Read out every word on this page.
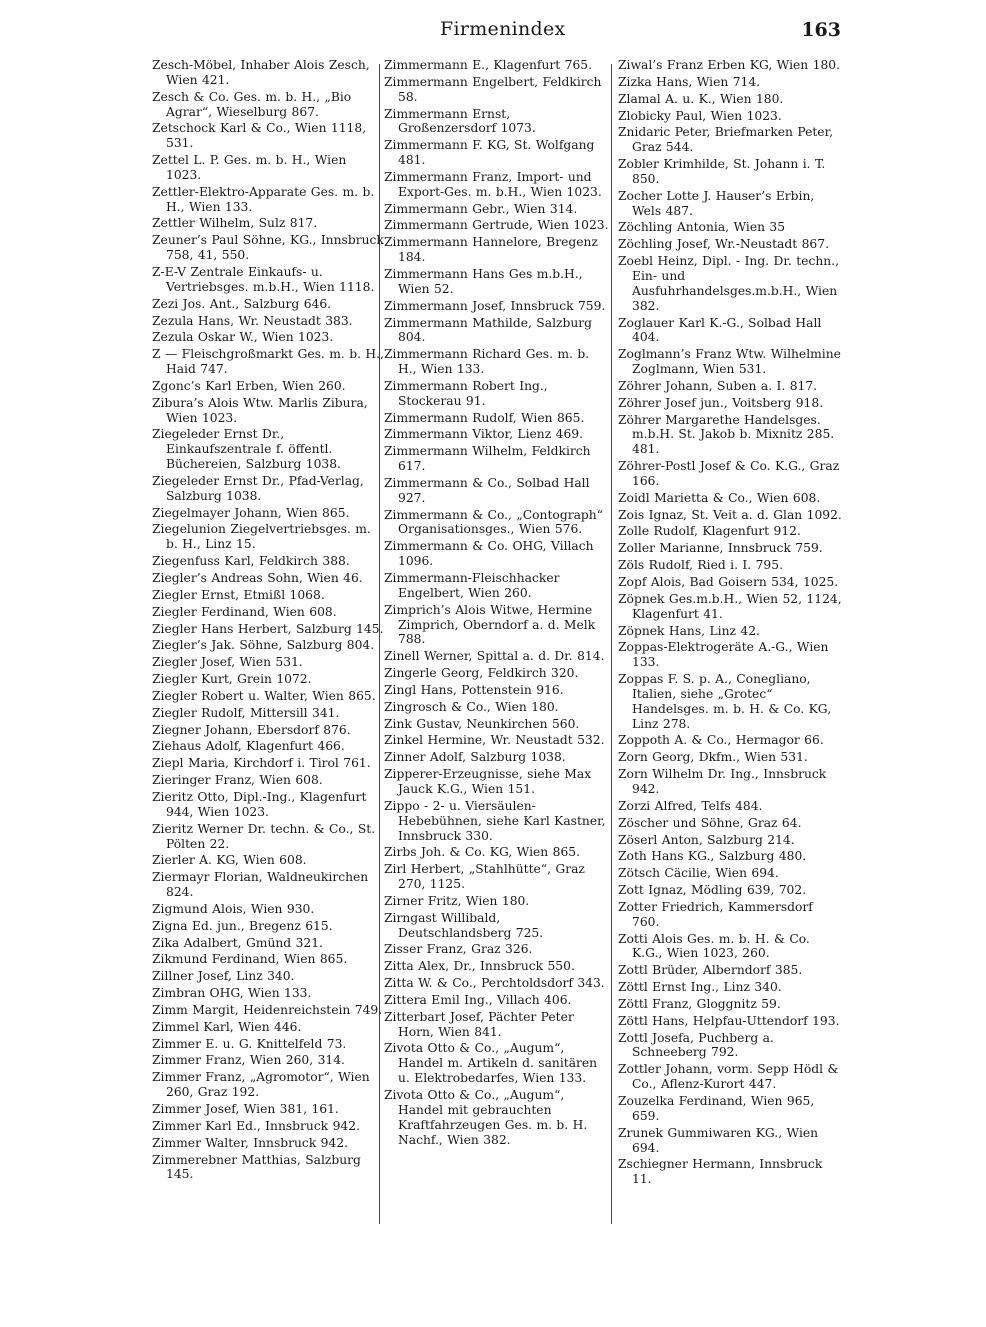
Firmenindex	163
Zesch-Möbel, Inhaber Alois Zesch, Wien 421.
Zesch & Co. Ges. m. b. H., „Bio Agrar“, Wieselburg 867.
Zetschock Karl & Co., Wien 1118, 531.
Zettel L. P. Ges. m. b. H., Wien 1023.
Zettler-Elektro-Apparate Ges. m. b. H., Wien 133.
Zettler Wilhelm, Sulz 817.
Zeuner’s Paul Söhne, KG., Innsbruck 758, 41, 550.
Z-E-V Zentrale Einkaufs- u. Vertriebsges. m.b.H., Wien 1118.
Zezi Jos. Ant., Salzburg 646.
Zezula Hans, Wr. Neustadt 383.
Zezula Oskar W., Wien 1023.
Z — Fleischgroßmarkt Ges. m. b. H., Haid 747.
Zgonc’s Karl Erben, Wien 260.
Zibura’s Alois Wtw. Marlis Zibura, Wien 1023.
Ziegeleder Ernst Dr., Einkaufszentrale f. öffentl. Büchereien, Salzburg 1038.
Ziegeleder Ernst Dr., Pfad-Verlag, Salzburg 1038.
Ziegelmayer Johann, Wien 865.
Ziegelunion Ziegelvertriebsges. m. b. H., Linz 15.
Ziegenfuss Karl, Feldkirch 388.
Ziegler’s Andreas Sohn, Wien 46.
Ziegler Ernst, Etmißl 1068.
Ziegler Ferdinand, Wien 608.
Ziegler Hans Herbert, Salzburg 145.
Ziegler’s Jak. Söhne, Salzburg 804.
Ziegler Josef, Wien 531.
Ziegler Kurt, Grein 1072.
Ziegler Robert u. Walter, Wien 865.
Ziegler Rudolf, Mittersill 341.
Ziegner Johann, Ebersdorf 876.
Ziehaus Adolf, Klagenfurt 466.
Ziepl Maria, Kirchdorf i. Tirol 761.
Zieringer Franz, Wien 608.
Zieritz Otto, Dipl.-Ing., Klagenfurt 944, Wien 1023.
Zieritz Werner Dr. techn. & Co., St. Pölten 22.
Zierler A. KG, Wien 608.
Ziermayr Florian, Waldneukirchen 824.
Zigmund Alois, Wien 930.
Zigna Ed. jun., Bregenz 615.
Zika Adalbert, Gmünd 321.
Zikmund Ferdinand, Wien 865.
Zillner Josef, Linz 340.
Zimbran OHG, Wien 133.
Zimm Margit, Heidenreichstein 749.
Zimmel Karl, Wien 446.
Zimmer E. u. G. Knittelfeld 73.
Zimmer Franz, Wien 260, 314.
Zimmer Franz, „Agromotor“, Wien 260, Graz 192.
Zimmer Josef, Wien 381, 161.
Zimmer Karl Ed., Innsbruck 942.
Zimmer Walter, Innsbruck 942.
Zimmerebner Matthias, Salzburg 145.
Zimmermann E., Klagenfurt 765.
Zimmermann Engelbert, Feldkirch 58.
Zimmermann Ernst, Großenzersdorf 1073.
Zimmermann F. KG, St. Wolfgang 481.
Zimmermann Franz, Import- und Export-Ges. m. b.H., Wien 1023.
Zimmermann Gebr., Wien 314.
Zimmermann Gertrude, Wien 1023.
Zimmermann Hannelore, Bregenz 184.
Zimmermann Hans Ges m.b.H., Wien 52.
Zimmermann Josef, Innsbruck 759.
Zimmermann Mathilde, Salzburg 804.
Zimmermann Richard Ges. m. b. H., Wien 133.
Zimmermann Robert Ing., Stockerau 91.
Zimmermann Rudolf, Wien 865.
Zimmermann Viktor, Lienz 469.
Zimmermann Wilhelm, Feldkirch 617.
Zimmermann & Co., Solbad Hall 927.
Zimmermann & Co., „Contograph“ Organisationsges., Wien 576.
Zimmermann & Co. OHG, Villach 1096.
Zimmermann-Fleischhacker Engelbert, Wien 260.
Zimprich’s Alois Witwe, Hermine Zimprich, Oberndorf a. d. Melk 788.
Zinell Werner, Spittal a. d. Dr. 814.
Zingerle Georg, Feldkirch 320.
Zingl Hans, Pottenstein 916.
Zingrosch & Co., Wien 180.
Zink Gustav, Neunkirchen 560.
Zinkel Hermine, Wr. Neustadt 532.
Zinner Adolf, Salzburg 1038.
Zipperer-Erzeugnisse, siehe Max Jauck K.G., Wien 151.
Zippo - 2- u. Viersäulen-Hebebühnen, siehe Karl Kastner, Innsbruck 330.
Zirbs Joh. & Co. KG, Wien 865.
Zirl Herbert, „Stahlhütte“, Graz 270, 1125.
Zirner Fritz, Wien 180.
Zirngast Willibald, Deutschlandsberg 725.
Zisser Franz, Graz 326.
Zitta Alex, Dr., Innsbruck 550.
Zitta W. & Co., Perchtoldsdorf 343.
Zittera Emil Ing., Villach 406.
Zitterbart Josef, Pächter Peter Horn, Wien 841.
Zivota Otto & Co., „Augum“, Handel m. Artikeln d. sanitären u. Elektrobedarfes, Wien 133.
Zivota Otto & Co., „Augum“, Handel mit gebrauchten Kraftfahrzeugen Ges. m. b. H. Nachf., Wien 382.
Ziwal’s Franz Erben KG, Wien 180.
Zizka Hans, Wien 714.
Zlamal A. u. K., Wien 180.
Zlobicky Paul, Wien 1023.
Znidaric Peter, Briefmarken Peter, Graz 544.
Zobler Krimhilde, St. Johann i. T. 850.
Zocher Lotte J. Hauser’s Erbin, Wels 487.
Zöchling Antonia, Wien 35
Zöchling Josef, Wr.-Neustadt 867.
Zoebl Heinz, Dipl. - Ing. Dr. techn., Ein- und Ausfuhrhandelsges.m.b.H., Wien 382.
Zoglauer Karl K.-G., Solbad Hall 404.
Zoglmann’s Franz Wtw. Wilhelmine Zoglmann, Wien 531.
Zöhrer Johann, Suben a. I. 817.
Zöhrer Josef jun., Voitsberg 918.
Zöhrer Margarethe Handelsges. m.b.H. St. Jakob b. Mixnitz 285. 481.
Zöhrer-Postl Josef & Co. K.G., Graz 166.
Zoidl Marietta & Co., Wien 608.
Zois Ignaz, St. Veit a. d. Glan 1092.
Zolle Rudolf, Klagenfurt 912.
Zoller Marianne, Innsbruck 759.
Zöls Rudolf, Ried i. I. 795.
Zopf Alois, Bad Goisern 534, 1025.
Zöpnek Ges.m.b.H., Wien 52, 1124, Klagenfurt 41.
Zöpnek Hans, Linz 42.
Zoppas-Elektrogeräte A.-G., Wien 133.
Zoppas F. S. p. A., Conegliano, Italien, siehe „Grotec“ Handelsges. m. b. H. & Co. KG, Linz 278.
Zoppoth A. & Co., Hermagor 66.
Zorn Georg, Dkfm., Wien 531.
Zorn Wilhelm Dr. Ing., Innsbruck 942.
Zorzi Alfred, Telfs 484.
Zöscher und Söhne, Graz 64.
Zöserl Anton, Salzburg 214.
Zoth Hans KG., Salzburg 480.
Zötsch Cäcilie, Wien 694.
Zott Ignaz, Mödling 639, 702.
Zotter Friedrich, Kammersdorf 760.
Zotti Alois Ges. m. b. H. & Co. K.G., Wien 1023, 260.
Zottl Brüder, Alberndorf 385.
Zöttl Ernst Ing., Linz 340.
Zöttl Franz, Gloggnitz 59.
Zöttl Hans, Helpfau-Uttendorf 193.
Zottl Josefa, Puchberg a. Schneeberg 792.
Zottler Johann, vorm. Sepp Hödl & Co., Aflenz-Kurort 447.
Zouzelka Ferdinand, Wien 965, 659.
Zrunek Gummiwaren KG., Wien 694.
Zschiegner Hermann, Innsbruck 11.
